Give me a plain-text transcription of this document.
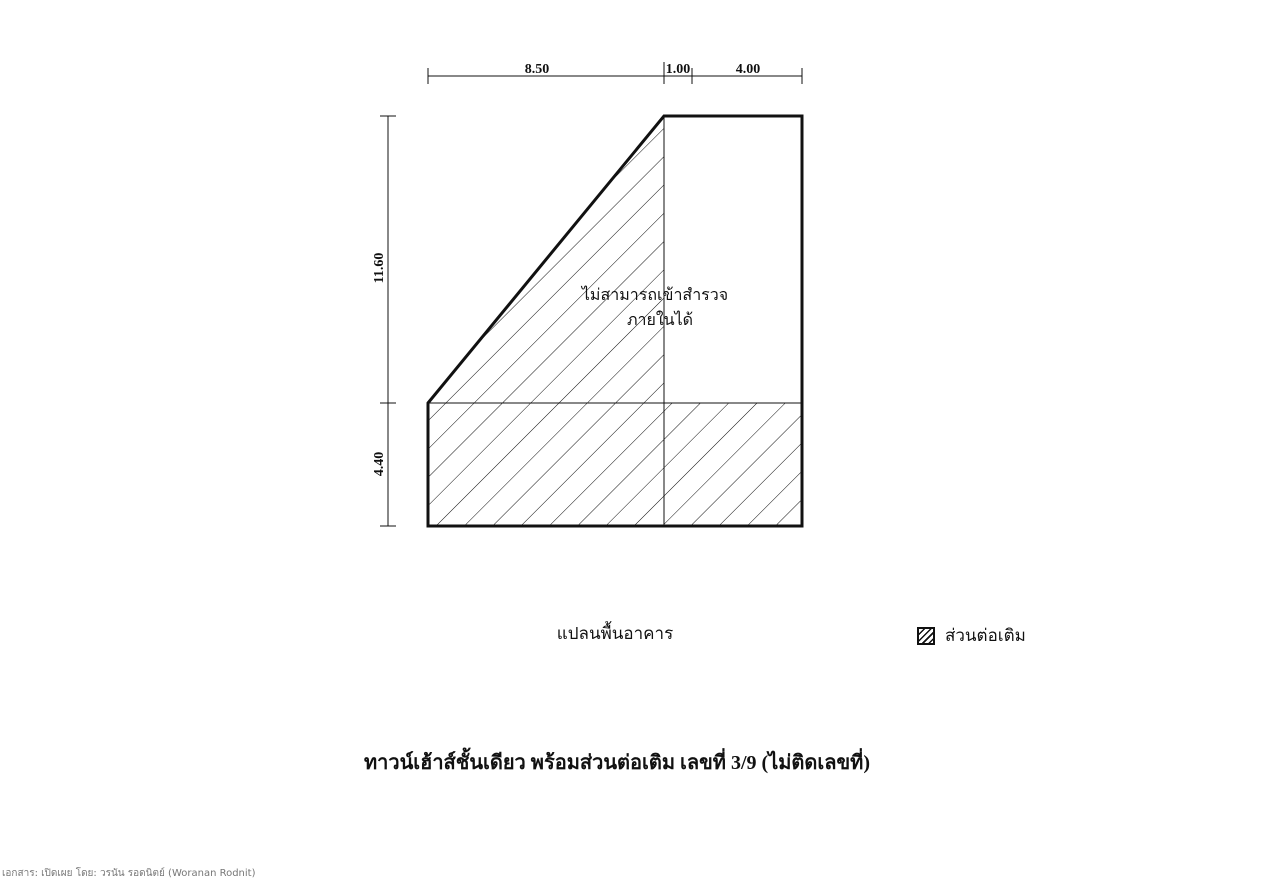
8.50	1.00	4.00
11.60
4.40
ไม่สามารถเข้าสำรวจ
ภายในได้
แปลนพื้นอาคาร	ส่วนต่อเติม
ทาวน์เฮ้าส์ชั้นเดียว พร้อมส่วนต่อเติม เลขที่ 3/9 (ไม่ติดเลขที่)
เอกสาร: เปิดเผย โดย: วรนัน รอดนิตย์ (Woranan Rodnit)
